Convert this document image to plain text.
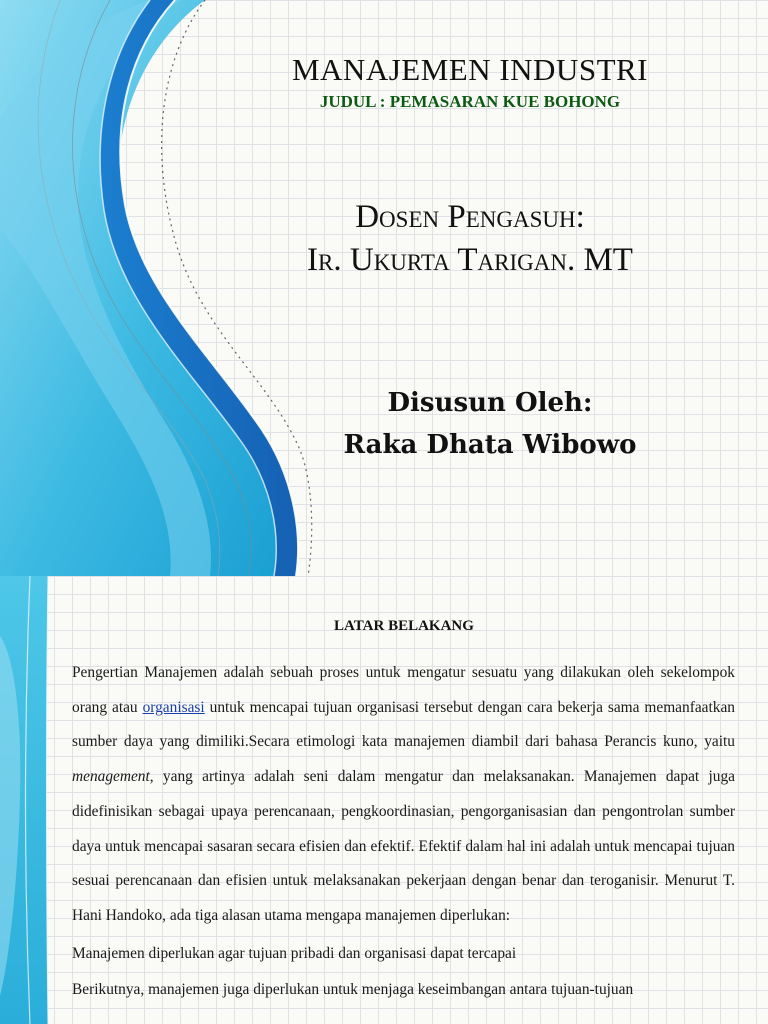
MANAJEMEN INDUSTRI
JUDUL : PEMASARAN KUE BOHONG
Dosen Pengasuh:
Ir. Ukurta Tarigan. MT
Disusun Oleh:
Raka Dhata Wibowo
LATAR BELAKANG

Pengertian Manajemen adalah sebuah proses untuk mengatur sesuatu yang dilakukan oleh sekelompok orang atau organisasi untuk mencapai tujuan organisasi tersebut dengan cara bekerja sama memanfaatkan sumber daya yang dimiliki.Secara etimologi kata manajemen diambil dari bahasa Perancis kuno, yaitu menagement, yang artinya adalah seni dalam mengatur dan melaksanakan. Manajemen dapat juga didefinisikan sebagai upaya perencanaan, pengkoordinasian, pengorganisasian dan pengontrolan sumber daya untuk mencapai sasaran secara efisien dan efektif. Efektif dalam hal ini adalah untuk mencapai tujuan sesuai perencanaan dan efisien untuk melaksanakan pekerjaan dengan benar dan teroganisir. Menurut T. Hani Handoko, ada tiga alasan utama mengapa manajemen diperlukan:

Manajemen diperlukan agar tujuan pribadi dan organisasi dapat tercapai

Berikutnya, manajemen juga diperlukan untuk menjaga keseimbangan antara tujuan-tujuan
